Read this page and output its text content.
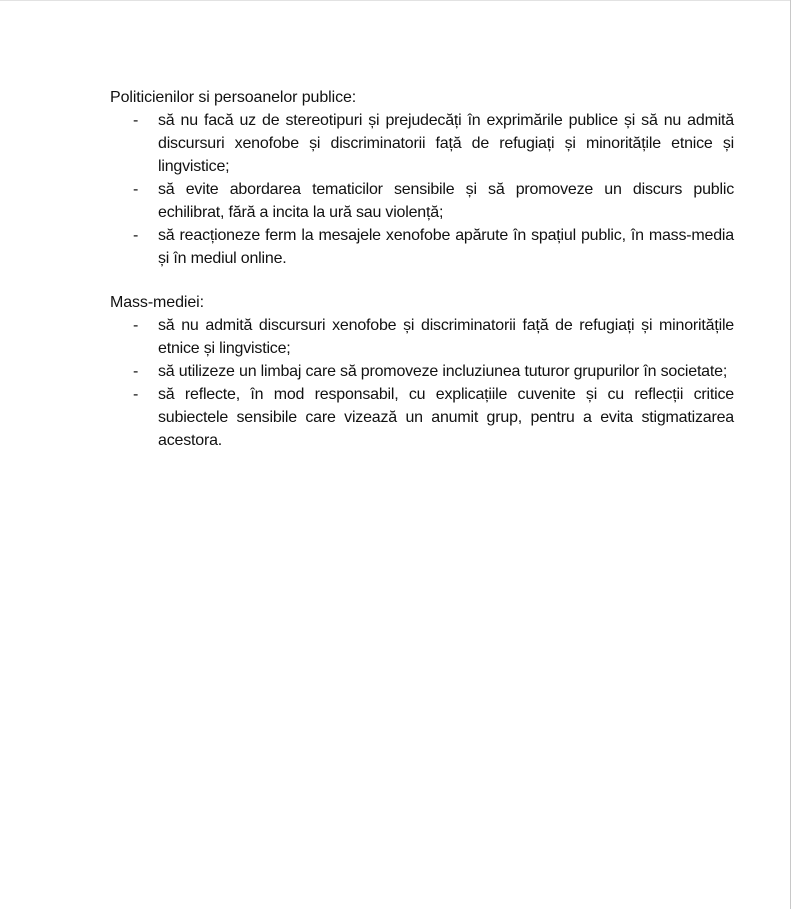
Politicienilor si persoanelor publice:

-	să nu facă uz de stereotipuri și prejudecăți în exprimările publice și să nu admită discursuri xenofobe și discriminatorii față de refugiați și minoritățile etnice și lingvistice;
-	să evite abordarea tematicilor sensibile și să promoveze un discurs public echilibrat, fără a incita la ură sau violență;
-	să reacționeze ferm la mesajele xenofobe apărute în spațiul public, în mass-media și în mediul online.

Mass-mediei:

-	să nu admită discursuri xenofobe și discriminatorii față de refugiați și minoritățile etnice și lingvistice;
-	să utilizeze un limbaj care să promoveze incluziunea tuturor grupurilor în societate;
-	să reflecte, în mod responsabil, cu explicațiile cuvenite și cu reflecții critice subiectele sensibile care vizează un anumit grup, pentru a evita stigmatizarea acestora.
